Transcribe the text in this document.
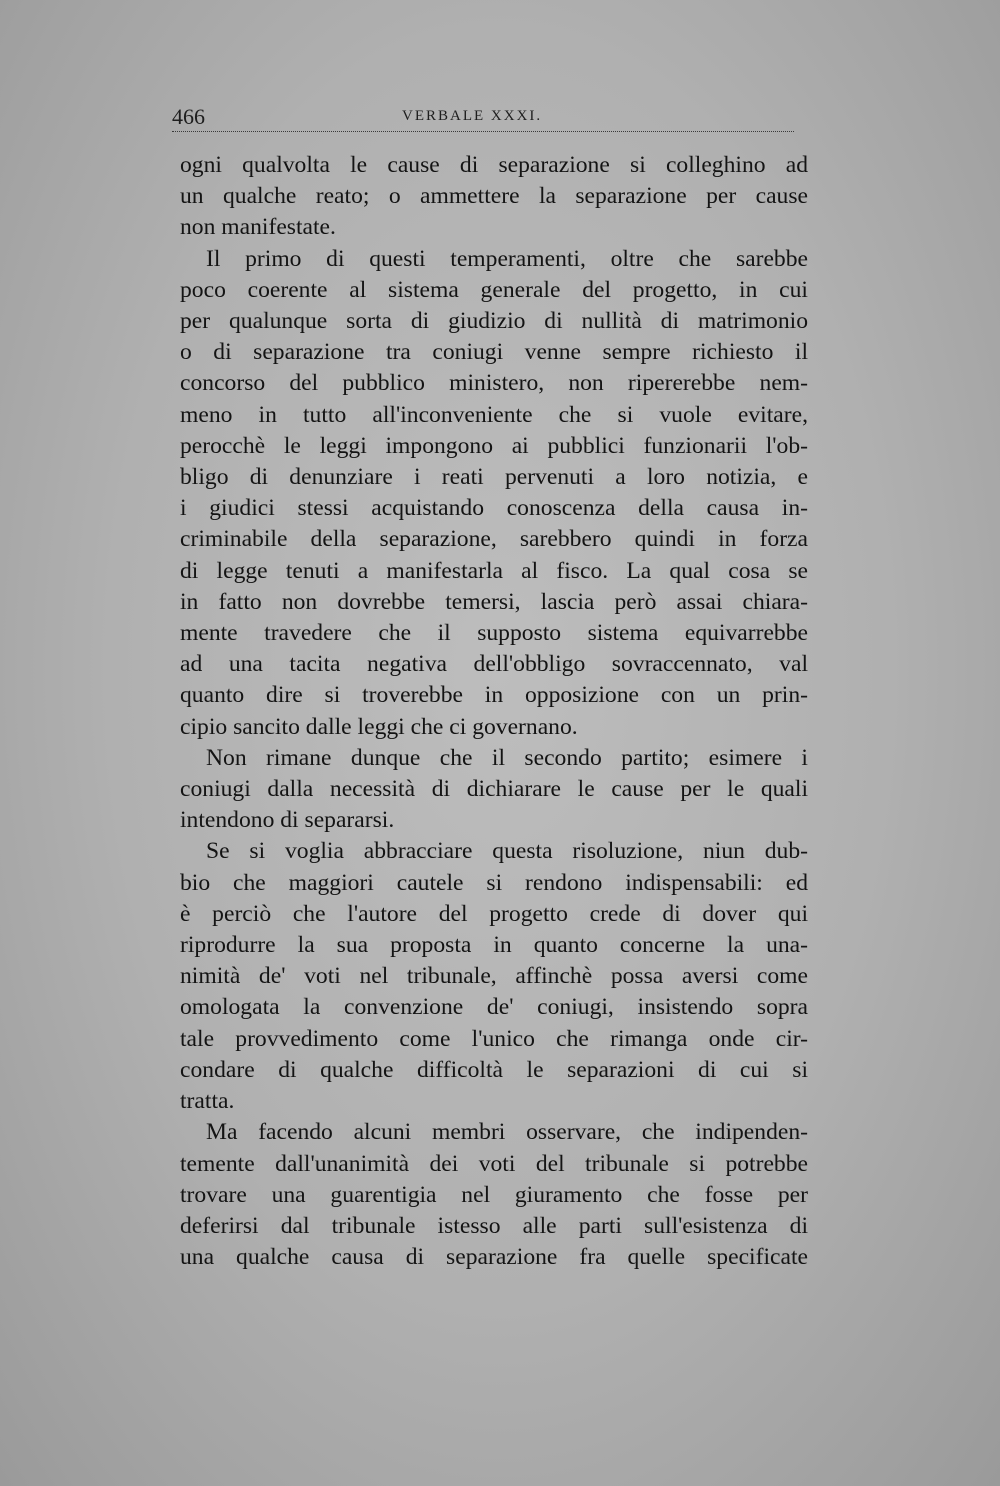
466	VERBALE XXXI.
ogni qualvolta le cause di separazione si colleghino ad
un qualche reato; o ammettere la separazione per cause
non manifestate.
Il primo di questi temperamenti, oltre che sarebbe
poco coerente al sistema generale del progetto, in cui
per qualunque sorta di giudizio di nullità di matrimonio
o di separazione tra coniugi venne sempre richiesto il
concorso del pubblico ministero, non ripererebbe nem-
meno in tutto all'inconveniente che si vuole evitare,
perocchè le leggi impongono ai pubblici funzionarii l'ob-
bligo di denunziare i reati pervenuti a loro notizia, e
i giudici stessi acquistando conoscenza della causa in-
criminabile della separazione, sarebbero quindi in forza
di legge tenuti a manifestarla al fisco. La qual cosa se
in fatto non dovrebbe temersi, lascia però assai chiara-
mente travedere che il supposto sistema equivarrebbe
ad una tacita negativa dell'obbligo sovraccennato, val
quanto dire si troverebbe in opposizione con un prin-
cipio sancito dalle leggi che ci governano.
Non rimane dunque che il secondo partito; esimere i
coniugi dalla necessità di dichiarare le cause per le quali
intendono di separarsi.
Se si voglia abbracciare questa risoluzione, niun dub-
bio che maggiori cautele si rendono indispensabili: ed
è perciò che l'autore del progetto crede di dover qui
riprodurre la sua proposta in quanto concerne la una-
nimità de' voti nel tribunale, affinchè possa aversi come
omologata la convenzione de' coniugi, insistendo sopra
tale provvedimento come l'unico che rimanga onde cir-
condare di qualche difficoltà le separazioni di cui si
tratta.
Ma facendo alcuni membri osservare, che indipenden-
temente dall'unanimità dei voti del tribunale si potrebbe
trovare una guarentigia nel giuramento che fosse per
deferirsi dal tribunale istesso alle parti sull'esistenza di
una qualche causa di separazione fra quelle specificate
